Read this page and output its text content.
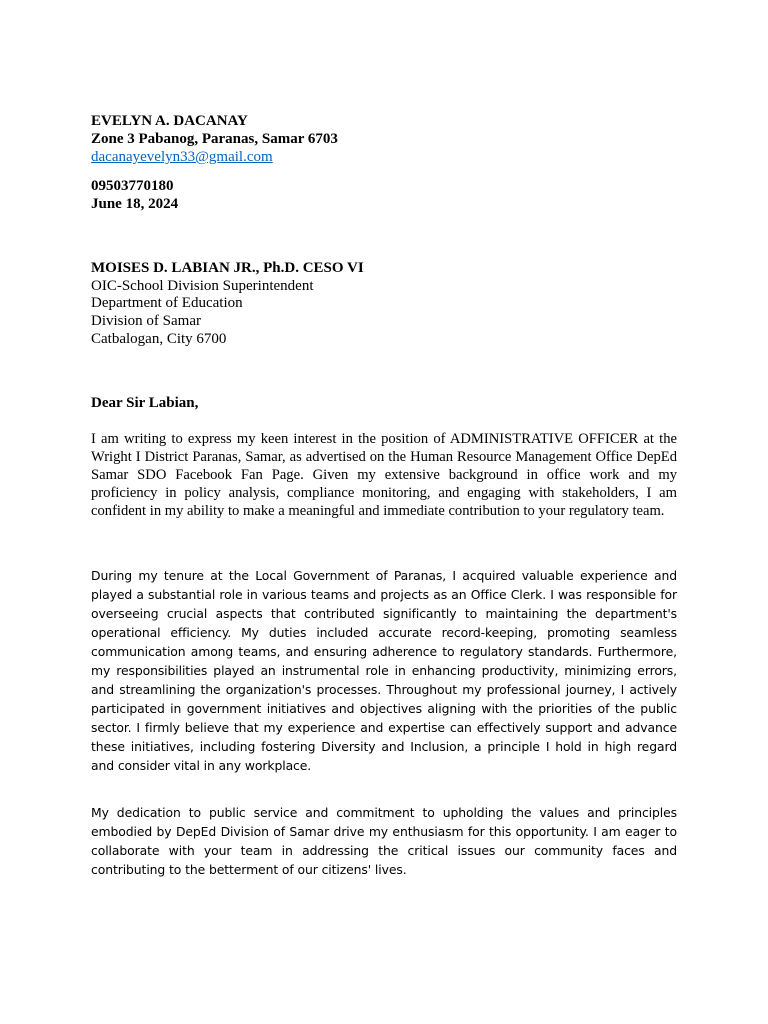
EVELYN A. DACANAY
Zone 3 Pabanog, Paranas, Samar 6703
dacanayevelyn33@gmail.com
09503770180
June 18, 2024
MOISES D. LABIAN JR., Ph.D. CESO VI
OIC-School Division Superintendent
Department of Education
Division of Samar
Catbalogan, City 6700
Dear Sir Labian,
I am writing to express my keen interest in the position of ADMINISTRATIVE OFFICER at the Wright I District Paranas, Samar, as advertised on the Human Resource Management Office DepEd Samar SDO Facebook Fan Page. Given my extensive background in office work and my proficiency in policy analysis, compliance monitoring, and engaging with stakeholders, I am confident in my ability to make a meaningful and immediate contribution to your regulatory team.
During my tenure at the Local Government of Paranas, I acquired valuable experience and played a substantial role in various teams and projects as an Office Clerk. I was responsible for overseeing crucial aspects that contributed significantly to maintaining the department's operational efficiency. My duties included accurate record-keeping, promoting seamless communication among teams, and ensuring adherence to regulatory standards. Furthermore, my responsibilities played an instrumental role in enhancing productivity, minimizing errors, and streamlining the organization's processes. Throughout my professional journey, I actively participated in government initiatives and objectives aligning with the priorities of the public sector. I firmly believe that my experience and expertise can effectively support and advance these initiatives, including fostering Diversity and Inclusion, a principle I hold in high regard and consider vital in any workplace.
My dedication to public service and commitment to upholding the values and principles embodied by DepEd Division of Samar drive my enthusiasm for this opportunity. I am eager to collaborate with your team in addressing the critical issues our community faces and contributing to the betterment of our citizens' lives.
